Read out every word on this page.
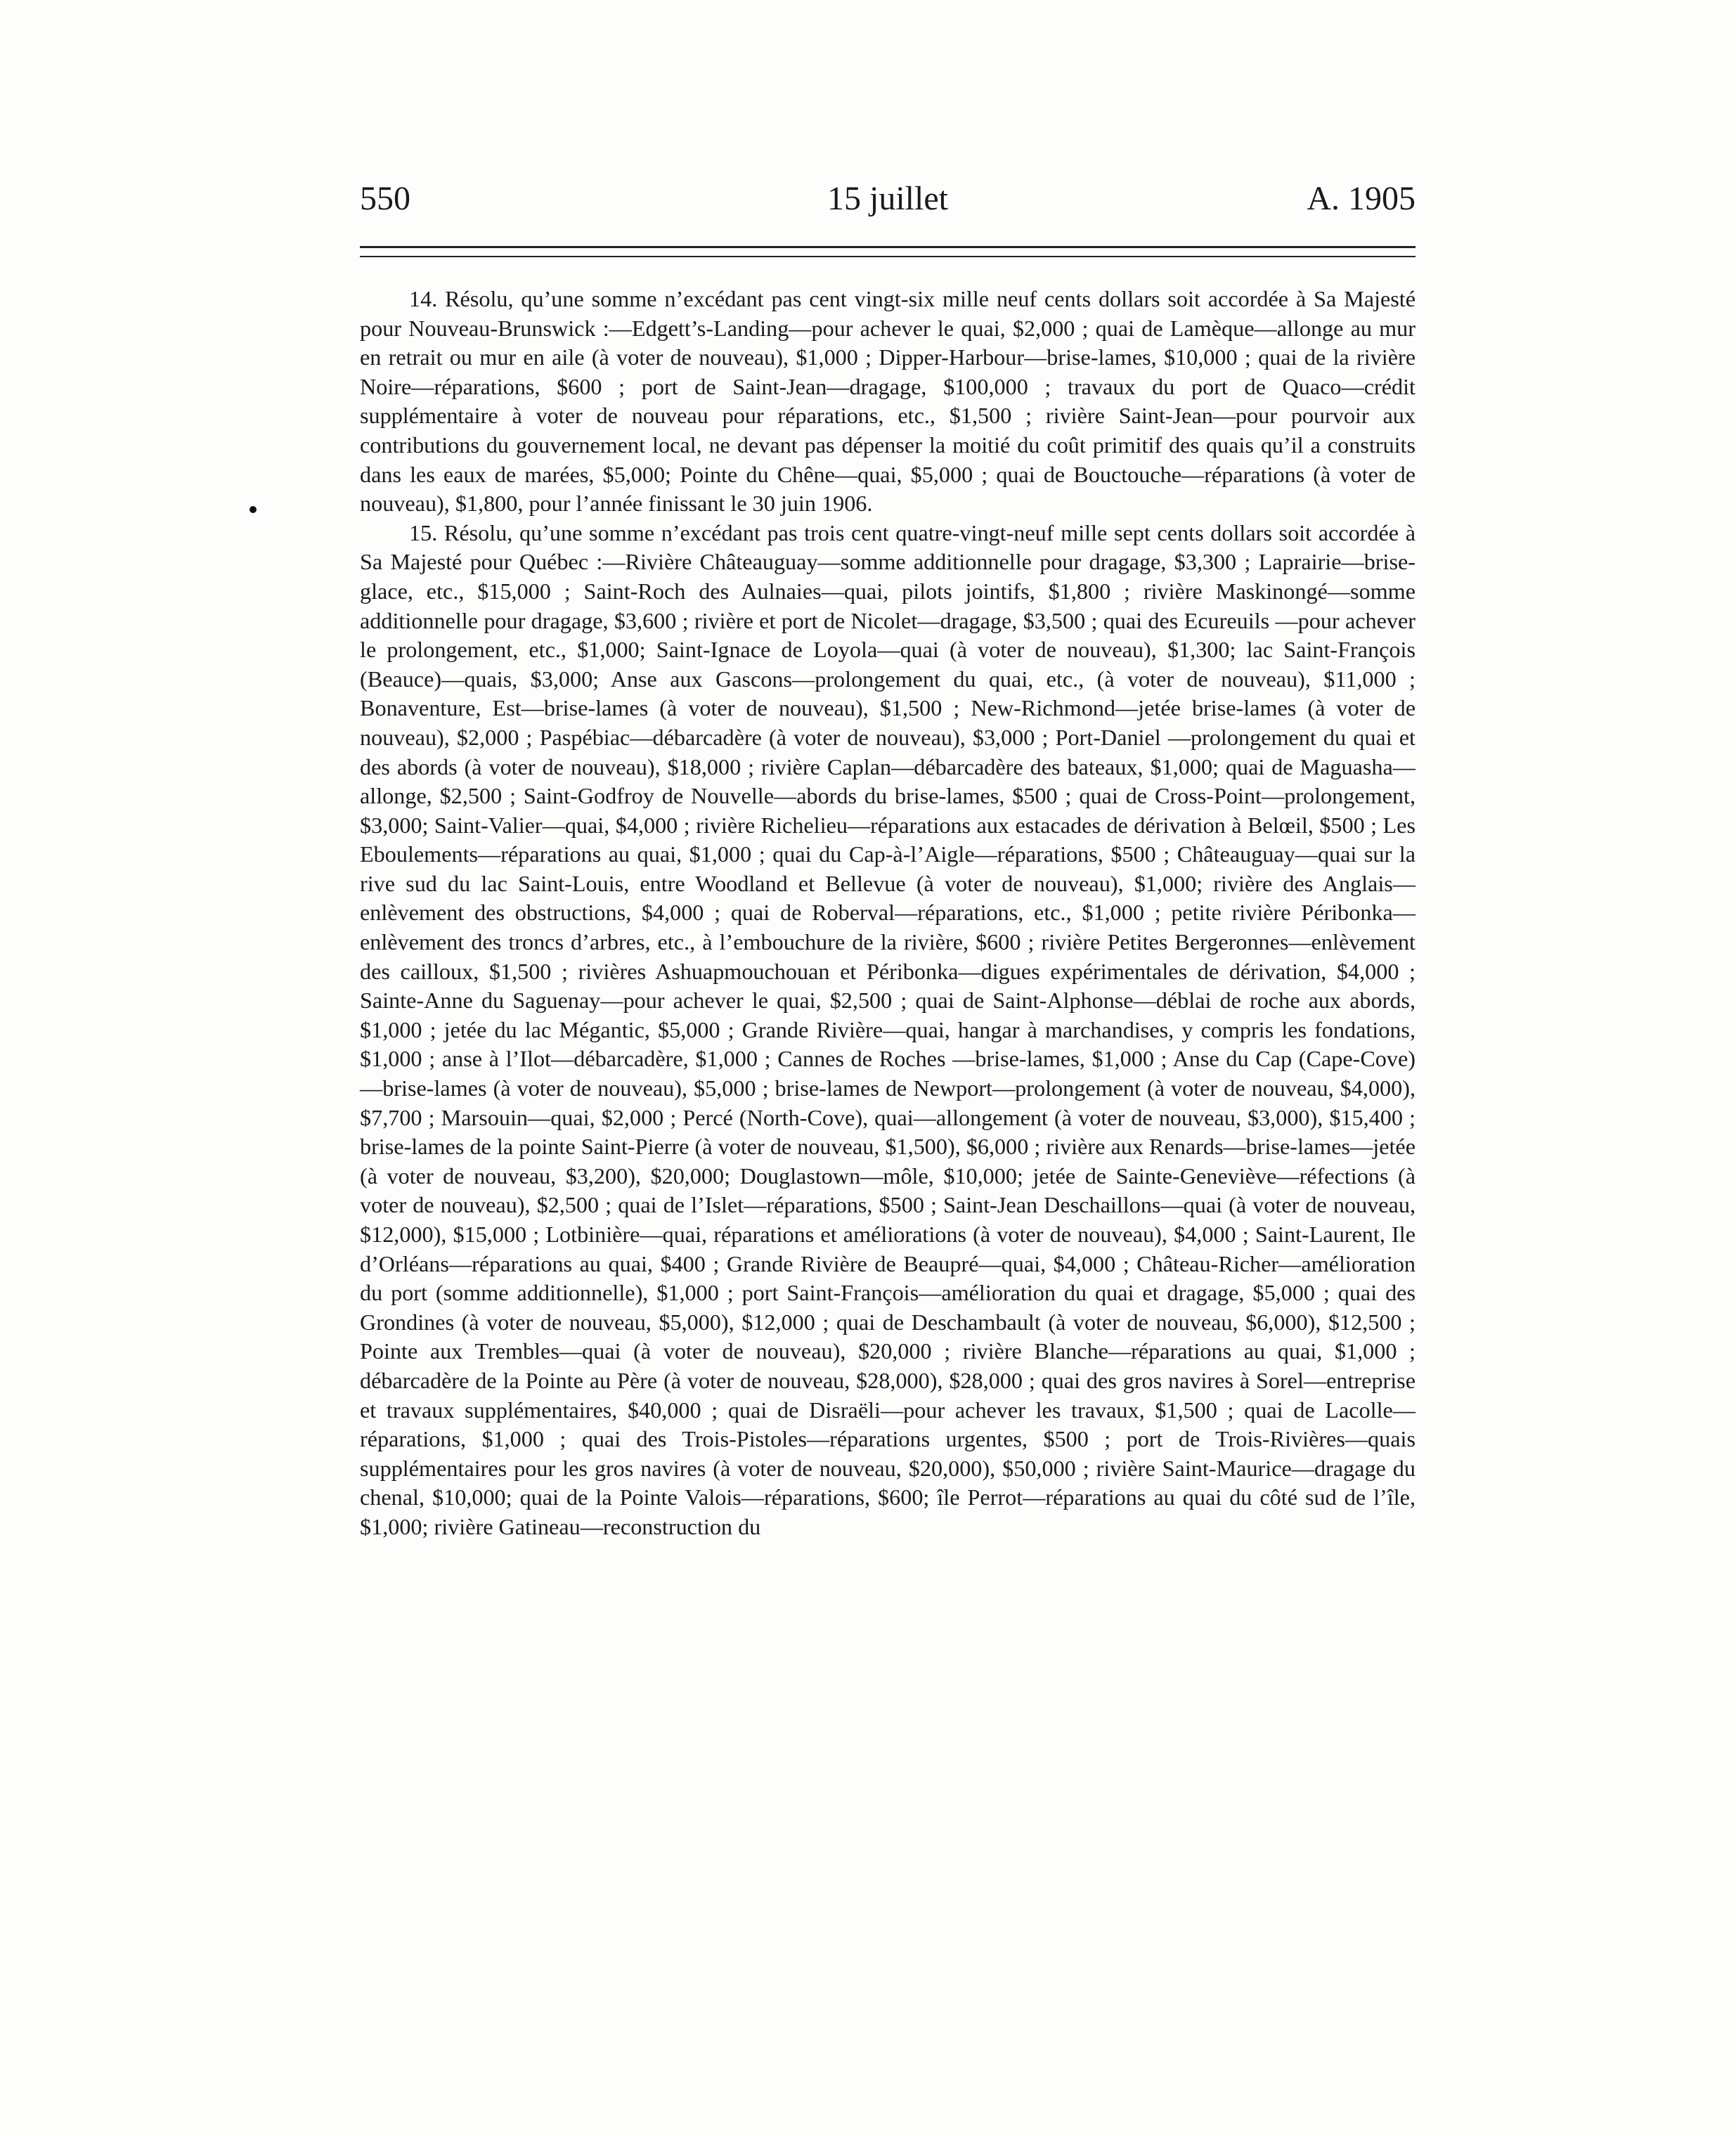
550	15 juillet	A. 1905

14. Résolu, qu’une somme n’excédant pas cent vingt-six mille neuf cents dollars soit accordée à Sa Majesté pour Nouveau-Brunswick :—Edgett’s-Landing—pour achever le quai, $2,000 ; quai de Lamèque—allonge au mur en retrait ou mur en aile (à voter de nouveau), $1,000 ; Dipper-Harbour—brise-lames, $10,000 ; quai de la rivière Noire—réparations, $600 ; port de Saint-Jean—dragage, $100,000 ; travaux du port de Quaco—crédit supplémentaire à voter de nouveau pour réparations, etc., $1,500 ; rivière Saint-Jean—pour pourvoir aux contributions du gouvernement local, ne devant pas dépenser la moitié du coût primitif des quais qu’il a construits dans les eaux de marées, $5,000; Pointe du Chêne—quai, $5,000 ; quai de Bouctouche—réparations (à voter de nouveau), $1,800, pour l’année finissant le 30 juin 1906.

15. Résolu, qu’une somme n’excédant pas trois cent quatre-vingt-neuf mille sept cents dollars soit accordée à Sa Majesté pour Québec :—Rivière Châteauguay—somme additionnelle pour dragage, $3,300 ; Laprairie—brise-glace, etc., $15,000 ; Saint-Roch des Aulnaies—quai, pilots jointifs, $1,800 ; rivière Maskinongé—somme additionnelle pour dragage, $3,600 ; rivière et port de Nicolet—dragage, $3,500 ; quai des Ecureuils —pour achever le prolongement, etc., $1,000; Saint-Ignace de Loyola—quai (à voter de nouveau), $1,300; lac Saint-François (Beauce)—quais, $3,000; Anse aux Gascons—prolongement du quai, etc., (à voter de nouveau), $11,000 ; Bonaventure, Est—brise-lames (à voter de nouveau), $1,500 ; New-Richmond—jetée brise-lames (à voter de nouveau), $2,000 ; Paspébiac—débarcadère (à voter de nouveau), $3,000 ; Port-Daniel —prolongement du quai et des abords (à voter de nouveau), $18,000 ; rivière Caplan—débarcadère des bateaux, $1,000; quai de Maguasha—allonge, $2,500 ; Saint-Godfroy de Nouvelle—abords du brise-lames, $500 ; quai de Cross-Point—prolongement, $3,000; Saint-Valier—quai, $4,000 ; rivière Richelieu—réparations aux estacades de dérivation à Belœil, $500 ; Les Eboulements—réparations au quai, $1,000 ; quai du Cap-à-l’Aigle—réparations, $500 ; Châteauguay—quai sur la rive sud du lac Saint-Louis, entre Woodland et Bellevue (à voter de nouveau), $1,000; rivière des Anglais—enlèvement des obstructions, $4,000 ; quai de Roberval—réparations, etc., $1,000 ; petite rivière Péribonka—enlèvement des troncs d’arbres, etc., à l’embouchure de la rivière, $600 ; rivière Petites Bergeronnes—enlèvement des cailloux, $1,500 ; rivières Ashuapmouchouan et Péribonka—digues expérimentales de dérivation, $4,000 ; Sainte-Anne du Saguenay—pour achever le quai, $2,500 ; quai de Saint-Alphonse—déblai de roche aux abords, $1,000 ; jetée du lac Mégantic, $5,000 ; Grande Rivière—quai, hangar à marchandises, y compris les fondations, $1,000 ; anse à l’Ilot—débarcadère, $1,000 ; Cannes de Roches —brise-lames, $1,000 ; Anse du Cap (Cape-Cove)—brise-lames (à voter de nouveau), $5,000 ; brise-lames de Newport—prolongement (à voter de nouveau, $4,000), $7,700 ; Marsouin—quai, $2,000 ; Percé (North-Cove), quai—allongement (à voter de nouveau, $3,000), $15,400 ; brise-lames de la pointe Saint-Pierre (à voter de nouveau, $1,500), $6,000 ; rivière aux Renards—brise-lames—jetée (à voter de nouveau, $3,200), $20,000; Douglastown—môle, $10,000; jetée de Sainte-Geneviève—réfections (à voter de nouveau), $2,500 ; quai de l’Islet—réparations, $500 ; Saint-Jean Deschaillons—quai (à voter de nouveau, $12,000), $15,000 ; Lotbinière—quai, réparations et améliorations (à voter de nouveau), $4,000 ; Saint-Laurent, Ile d’Orléans—réparations au quai, $400 ; Grande Rivière de Beaupré—quai, $4,000 ; Château-Richer—amélioration du port (somme additionnelle), $1,000 ; port Saint-François—amélioration du quai et dragage, $5,000 ; quai des Grondines (à voter de nouveau, $5,000), $12,000 ; quai de Deschambault (à voter de nouveau, $6,000), $12,500 ; Pointe aux Trembles—quai (à voter de nouveau), $20,000 ; rivière Blanche—réparations au quai, $1,000 ; débarcadère de la Pointe au Père (à voter de nouveau, $28,000), $28,000 ; quai des gros navires à Sorel—entreprise et travaux supplémentaires, $40,000 ; quai de Disraëli—pour achever les travaux, $1,500 ; quai de Lacolle—réparations, $1,000 ; quai des Trois-Pistoles—réparations urgentes, $500 ; port de Trois-Rivières—quais supplémentaires pour les gros navires (à voter de nouveau, $20,000), $50,000 ; rivière Saint-Maurice—dragage du chenal, $10,000; quai de la Pointe Valois—réparations, $600; île Perrot—réparations au quai du côté sud de l’île, $1,000; rivière Gatineau—reconstruction du
